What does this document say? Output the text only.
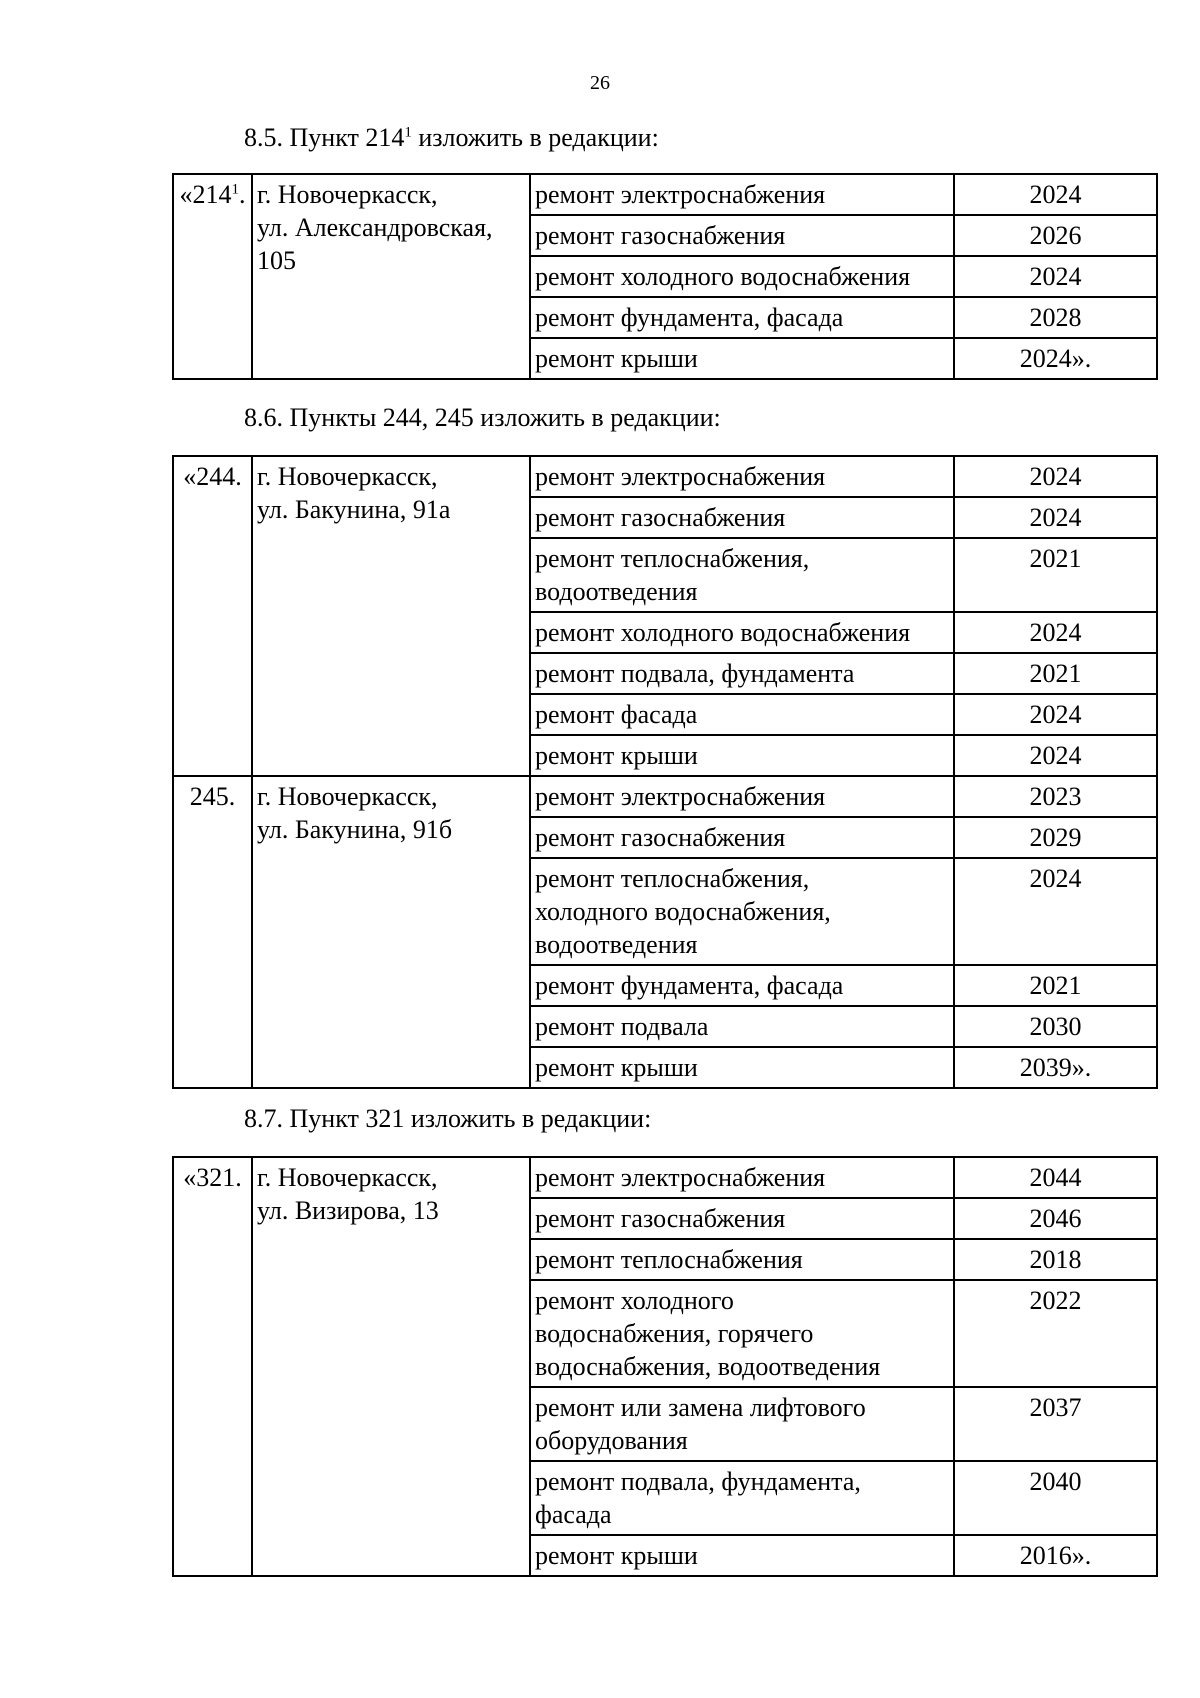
26
8.5. Пункт $214^1$ изложить в редакции:
8.6. Пункты 244, 245 изложить в редакции:
8.7. Пункт 321 изложить в редакции:
«$214^1$.	г. Новочеркасск,
ул. Александровская,
105	ремонт электроснабжения	2024
		ремонт газоснабжения	2026
		ремонт холодного водоснабжения	2024
		ремонт фундамента, фасада	2028
		ремонт крыши	2024».
«244.	г. Новочеркасск,
ул. Бакунина, 91а	ремонт электроснабжения	2024
		ремонт газоснабжения	2024
		ремонт теплоснабжения,
водоотведения	2021
		ремонт холодного водоснабжения	2024
		ремонт подвала, фундамента	2021
		ремонт фасада	2024
		ремонт крыши	2024
245.	г. Новочеркасск,
ул. Бакунина, 91б	ремонт электроснабжения	2023
		ремонт газоснабжения	2029
		ремонт теплоснабжения,
холодного водоснабжения,
водоотведения	2024
		ремонт фундамента, фасада	2021
		ремонт подвала	2030
		ремонт крыши	2039».
«321.	г. Новочеркасск,
ул. Визирова, 13	ремонт электроснабжения	2044
		ремонт газоснабжения	2046
		ремонт теплоснабжения	2018
		ремонт холодного
водоснабжения, горячего
водоснабжения, водоотведения	2022
		ремонт или замена лифтового
оборудования	2037
		ремонт подвала, фундамента,
фасада	2040
		ремонт крыши	2016».
